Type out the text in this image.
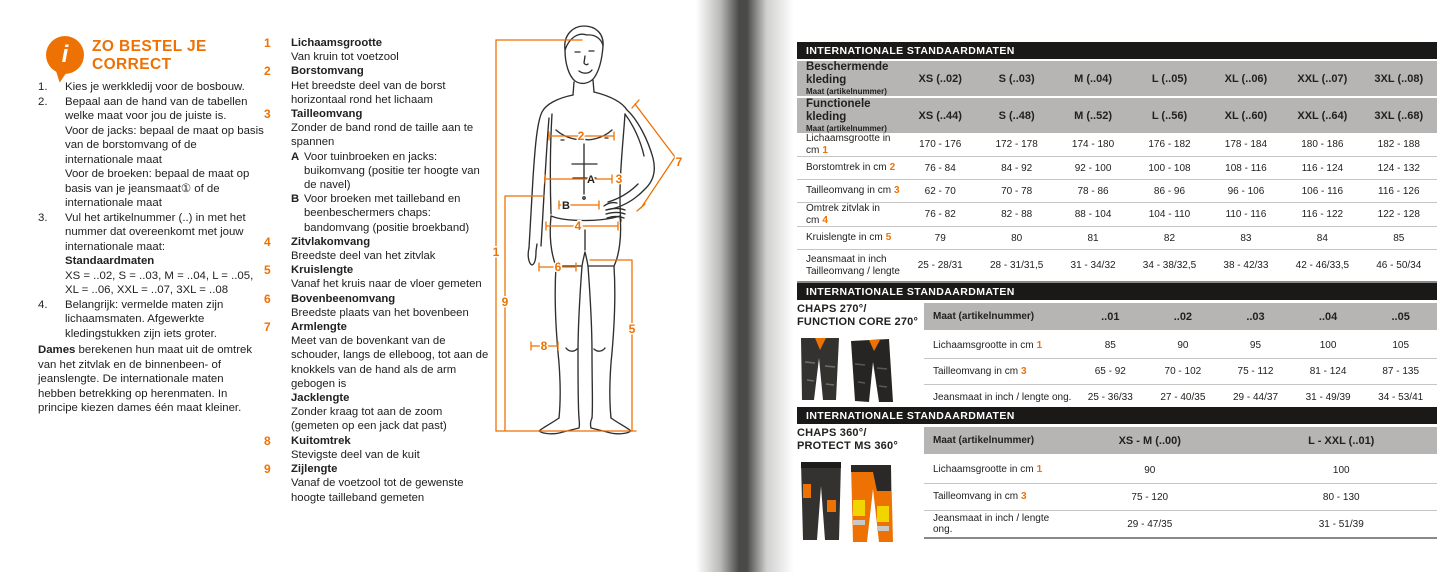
i	ZO BESTEL JE
CORRECT
1.	Kies je werkkledij voor de bosbouw.

2.	Bepaal aan de hand van de tabellen welke maat voor jou de juiste is.

Voor de jacks: bepaal de maat op basis van de borstomvang of de internationale maat

Voor de broeken: bepaal de maat op basis van je jeansmaat① of de internationale maat

3.	Vul het artikelnummer (..) in met het nummer dat overeenkomt met jouw internationale maat:

Standaardmaten

XS = ..02, S = ..03, M = ..04, L = ..05, XL = ..06, XXL = ..07, 3XL = ..08

4.	Belangrijk: vermelde maten zijn lichaamsmaten. Afgewerkte kledingstukken zijn iets groter.

Dames berekenen hun maat uit de omtrek van het zitvlak en de binnenbeen- of jeanslengte. De internationale maten hebben betrekking op herenmaten. In principe kiezen dames één maat kleiner.

1	Lichaamsgrootte
Van kruin tot voetzool
2	Borstomvang
Het breedste deel van de borst horizontaal rond het lichaam
3	Tailleomvang
Zonder de band rond de taille aan te spannen
A Voor tuinbroeken en jacks: buikomvang (positie ter hoogte van de navel)
B Voor broeken met tailleband en beenbeschermers chaps: bandomvang (positie broekband)
4	Zitvlakomvang
Breedste deel van het zitvlak
5	Kruislengte
Vanaf het kruis naar de vloer gemeten
6	Bovenbeenomvang
Breedste plaats van het bovenbeen
7	Armlengte
Meet van de bovenkant van de schouder, langs de elleboog, tot aan de knokkels van de hand als de arm gebogen is
Jacklengte
Zonder kraag tot aan de zoom (gemeten op een jack dat past)
8	Kuitomtrek
Stevigste deel van de kuit
9	Zijlengte
Vanaf de voetzool tot de gewenste hoogte tailleband gemeten
1
2
3
4
5
6
7
8
9
A
B
INTERNATIONALE STANDAARDMATEN
Beschermende kleding
Maat (artikelnummer)
XS (..02)	S (..03)	M (..04)	L (..05)	XL (..06)	XXL (..07)	3XL (..08)
Functionele kleding
Maat (artikelnummer)
XS (..44)	S (..48)	M (..52)	L (..56)	XL (..60)	XXL (..64)	3XL (..68)
Lichaamsgrootte in cm 1	170 - 176	172 - 178	174 - 180	176 - 182	178 - 184	180 - 186	182 - 188
Borstomtrek in cm 2	76 - 84	84 - 92	92 - 100	100 - 108	108 - 116	116 - 124	124 - 132
Tailleomvang in cm 3	62 - 70	70 - 78	78 - 86	86 - 96	96 - 106	106 - 116	116 - 126
Omtrek zitvlak in cm 4	76 - 82	82 - 88	88 - 104	104 - 110	110 - 116	116 - 122	122 - 128
Kruislengte in cm 5	79	80	81	82	83	84	85
Jeansmaat in inch
Tailleomvang / lengte	25 - 28/31	28 - 31/31,5	31 - 34/32	34 - 38/32,5	38 - 42/33	42 - 46/33,5	46 - 50/34
INTERNATIONALE STANDAARDMATEN
CHAPS 270°/
FUNCTION CORE 270°	Maat (artikelnummer)	..01	..02	..03	..04	..05
Lichaamsgrootte in cm 1	85	90	95	100	105
Tailleomvang in cm 3	65 - 92	70 - 102	75 - 112	81 - 124	87 - 135
Jeansmaat in inch / lengte ong.	25 - 36/33	27 - 40/35	29 - 44/37	31 - 49/39	34 - 53/41
INTERNATIONALE STANDAARDMATEN
CHAPS 360°/
PROTECT MS 360°	Maat (artikelnummer)	XS - M (..00)	L - XXL (..01)
Lichaamsgrootte in cm 1	90	100
Tailleomvang in cm 3	75 - 120	80 - 130
Jeansmaat in inch / lengte ong.	29 - 47/35	31 - 51/39
